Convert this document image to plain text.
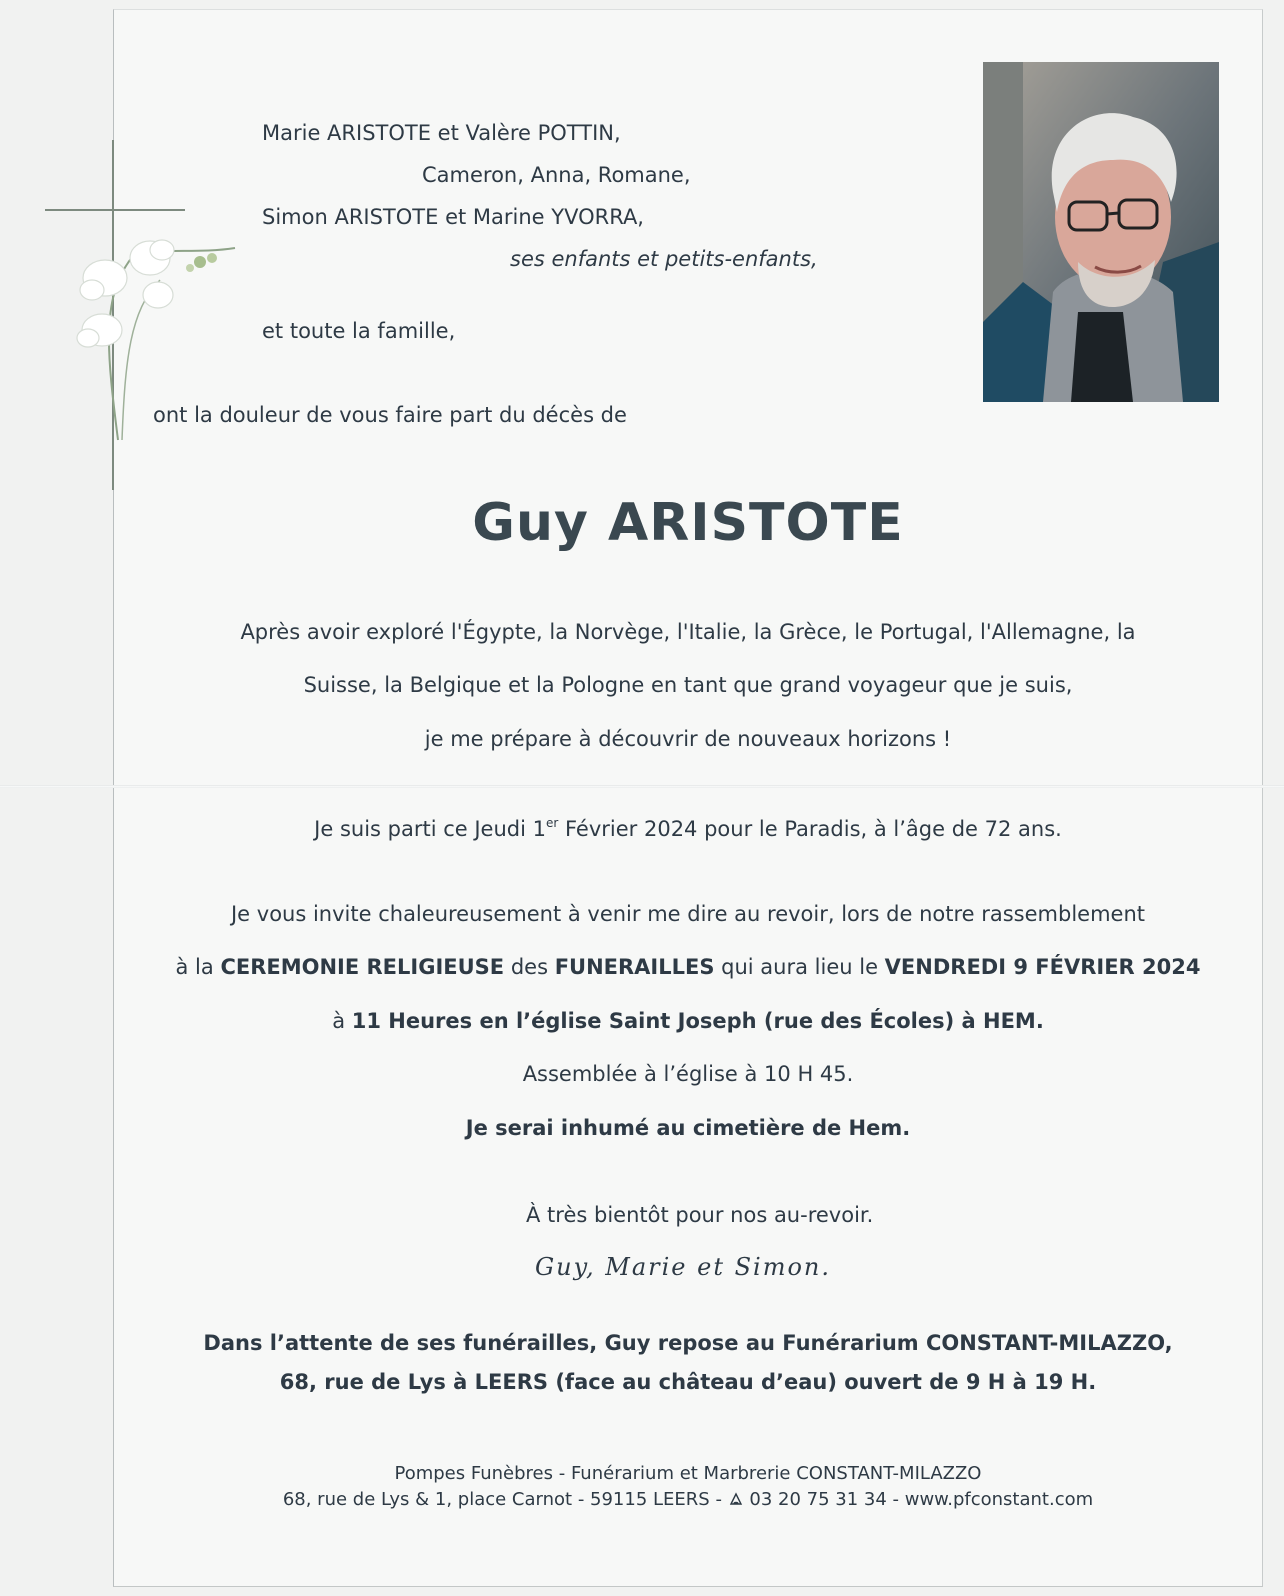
Marie ARISTOTE et Valère POTTIN,

Cameron, Anna, Romane,

Simon ARISTOTE et Marine YVORRA,

ses enfants et petits-enfants,

et toute la famille,

ont la douleur de vous faire part du décès de

Guy ARISTOTE

Après avoir exploré l'Égypte, la Norvège, l'Italie, la Grèce, le Portugal, l'Allemagne, la

Suisse, la Belgique et la Pologne en tant que grand voyageur que je suis,

je me prépare à découvrir de nouveaux horizons !

Je suis parti ce Jeudi 1er Février 2024 pour le Paradis, à l’âge de 72 ans.

Je vous invite chaleureusement à venir me dire au revoir, lors de notre rassemblement

à la CEREMONIE RELIGIEUSE des FUNERAILLES qui aura lieu le VENDREDI 9 FÉVRIER 2024

à 11 Heures en l’église Saint Joseph (rue des Écoles) à HEM.

Assemblée à l’église à 10 H 45.

Je serai inhumé au cimetière de Hem.

À très bientôt pour nos au-revoir.

Guy, Marie et Simon.

Dans l’attente de ses funérailles, Guy repose au Funérarium CONSTANT-MILAZZO,

68, rue de Lys à LEERS (face au château d’eau) ouvert de 9 H à 19 H.

Pompes Funèbres - Funérarium et Marbrerie CONSTANT-MILAZZO

68, rue de Lys & 1, place Carnot - 59115 LEERS -  03 20 75 31 34 - www.pfconstant.com
